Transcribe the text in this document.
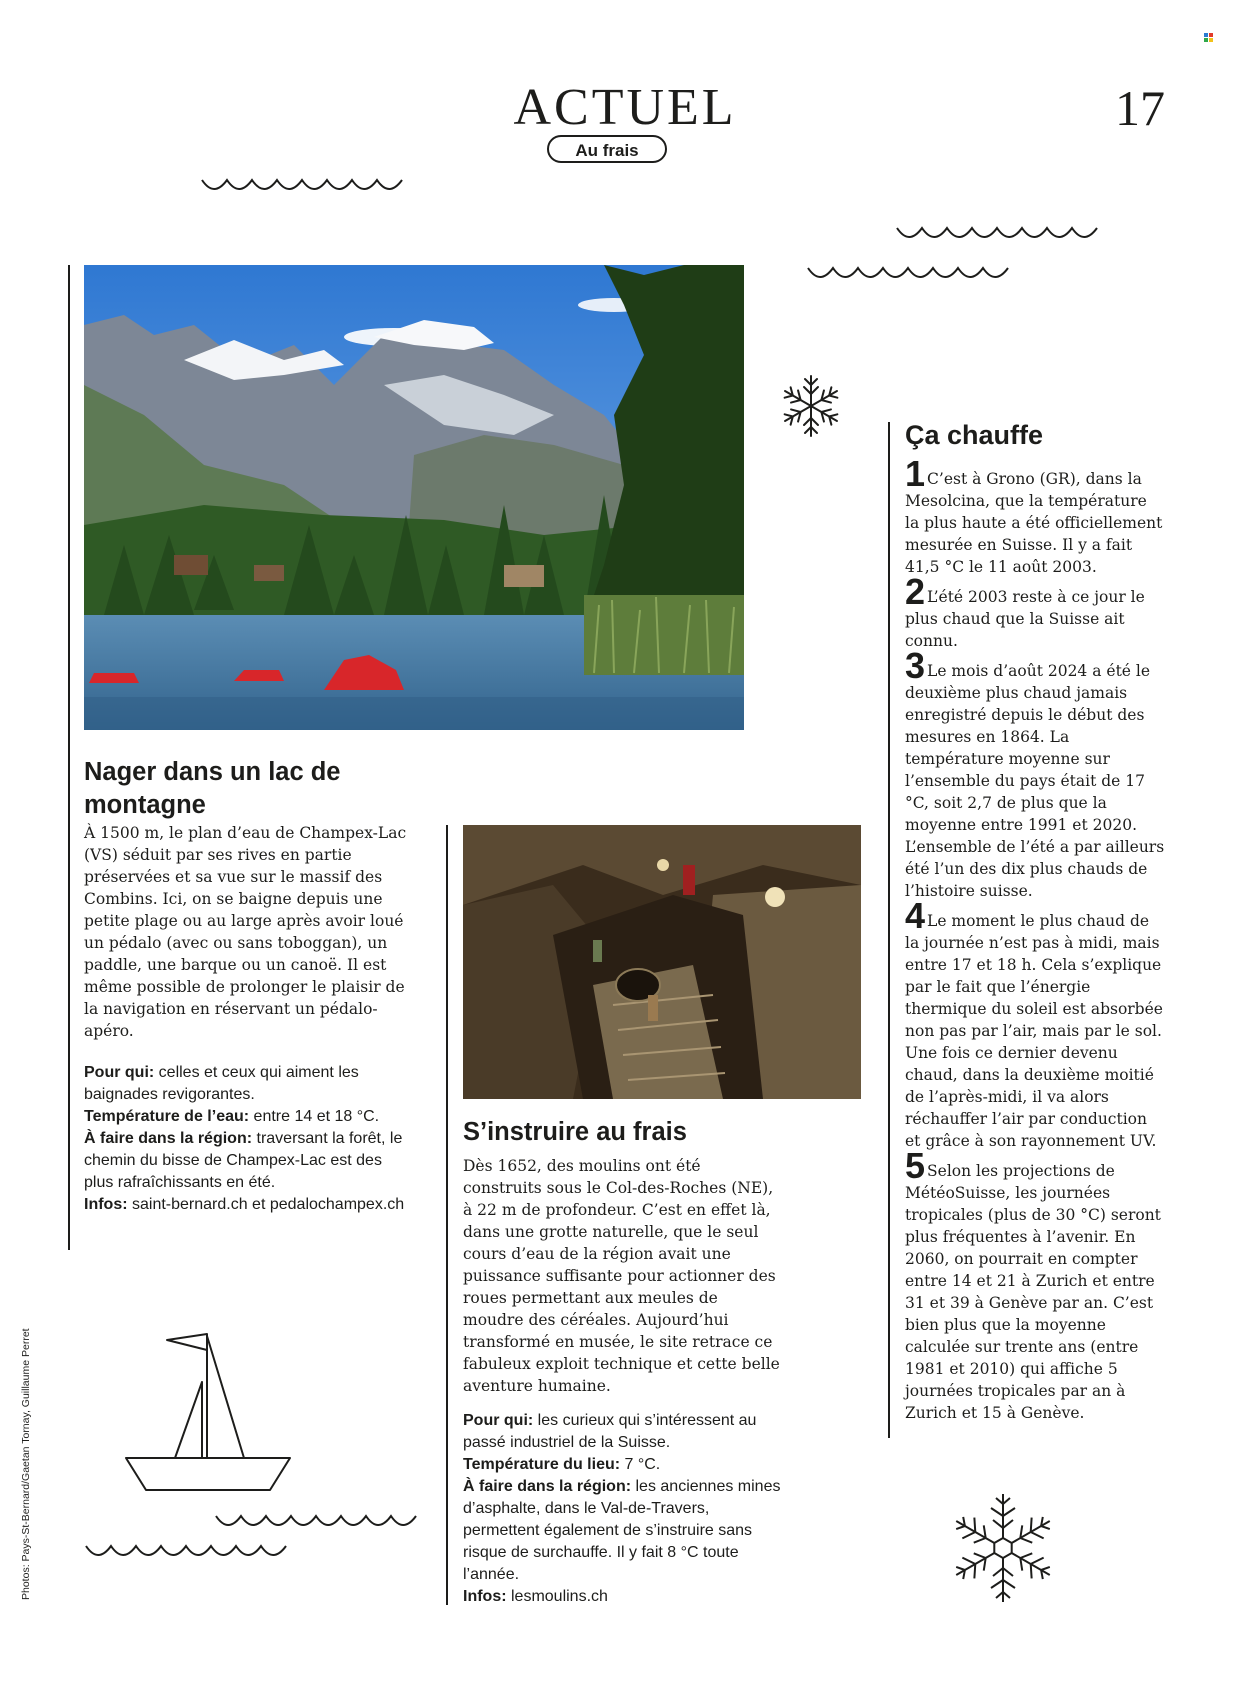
ACTUEL	17
Au frais
Nager dans un lac de montagne
À 1500 m, le plan d’eau de Champex-Lac (VS) séduit par ses rives en partie préservées et sa vue sur le massif des Combins. Ici, on se baigne depuis une petite plage ou au large après avoir loué un pédalo (avec ou sans toboggan), un paddle, une barque ou un canoë. Il est même possible de prolonger le plaisir de la navigation en réservant un pédalo-apéro.

Pour qui: celles et ceux qui aiment les baignades revigorantes.

Température de l’eau: entre 14 et 18 °C.

À faire dans la région: traversant la forêt, le chemin du bisse de Champex-Lac est des plus rafraîchissants en été.

Infos: saint-bernard.ch et pedalochampex.ch

S’instruire au frais
Dès 1652, des moulins ont été construits sous le Col-des-Roches (NE), à 22 m de profondeur. C’est en effet là, dans une grotte naturelle, que le seul cours d’eau de la région avait une puissance suffisante pour actionner des roues permettant aux meules de moudre des céréales. Aujourd’hui transformé en musée, le site retrace ce fabuleux exploit technique et cette belle aventure humaine.

Pour qui: les curieux qui s’intéressent au passé industriel de la Suisse.

Température du lieu: 7 °C.

À faire dans la région: les anciennes mines d’asphalte, dans le Val-de-Travers, permettent également de s’instruire sans risque de surchauffe. Il y fait 8 °C toute l’année.

Infos: lesmoulins.ch

Ça chauffe

1 C’est à Grono (GR), dans la Mesolcina, que la température la plus haute a été officiellement mesurée en Suisse. Il y a fait 41,5 °C le 11 août 2003.

2 L’été 2003 reste à ce jour le plus chaud que la Suisse ait connu.

3 Le mois d’août 2024 a été le deuxième plus chaud jamais enregistré depuis le début des mesures en 1864. La température moyenne sur l’ensemble du pays était de 17 °C, soit 2,7 de plus que la moyenne entre 1991 et 2020. L’ensemble de l’été a par ailleurs été l’un des dix plus chauds de l’histoire suisse.

4 Le moment le plus chaud de la journée n’est pas à midi, mais entre 17 et 18 h. Cela s’explique par le fait que l’énergie thermique du soleil est absorbée non pas par l’air, mais par le sol. Une fois ce dernier devenu chaud, dans la deuxième moitié de l’après-midi, il va alors réchauffer l’air par conduction et grâce à son rayonnement UV.

5 Selon les projections de MétéoSuisse, les journées tropicales (plus de 30 °C) seront plus fréquentes à l’avenir. En 2060, on pourrait en compter entre 14 et 21 à Zurich et entre 31 et 39 à Genève par an. C’est bien plus que la moyenne calculée sur trente ans (entre 1981 et 2010) qui affiche 5 journées tropicales par an à Zurich et 15 à Genève.

Photos: Pays-St-Bernard/Gaetan Tornay, Guillaume Perret
